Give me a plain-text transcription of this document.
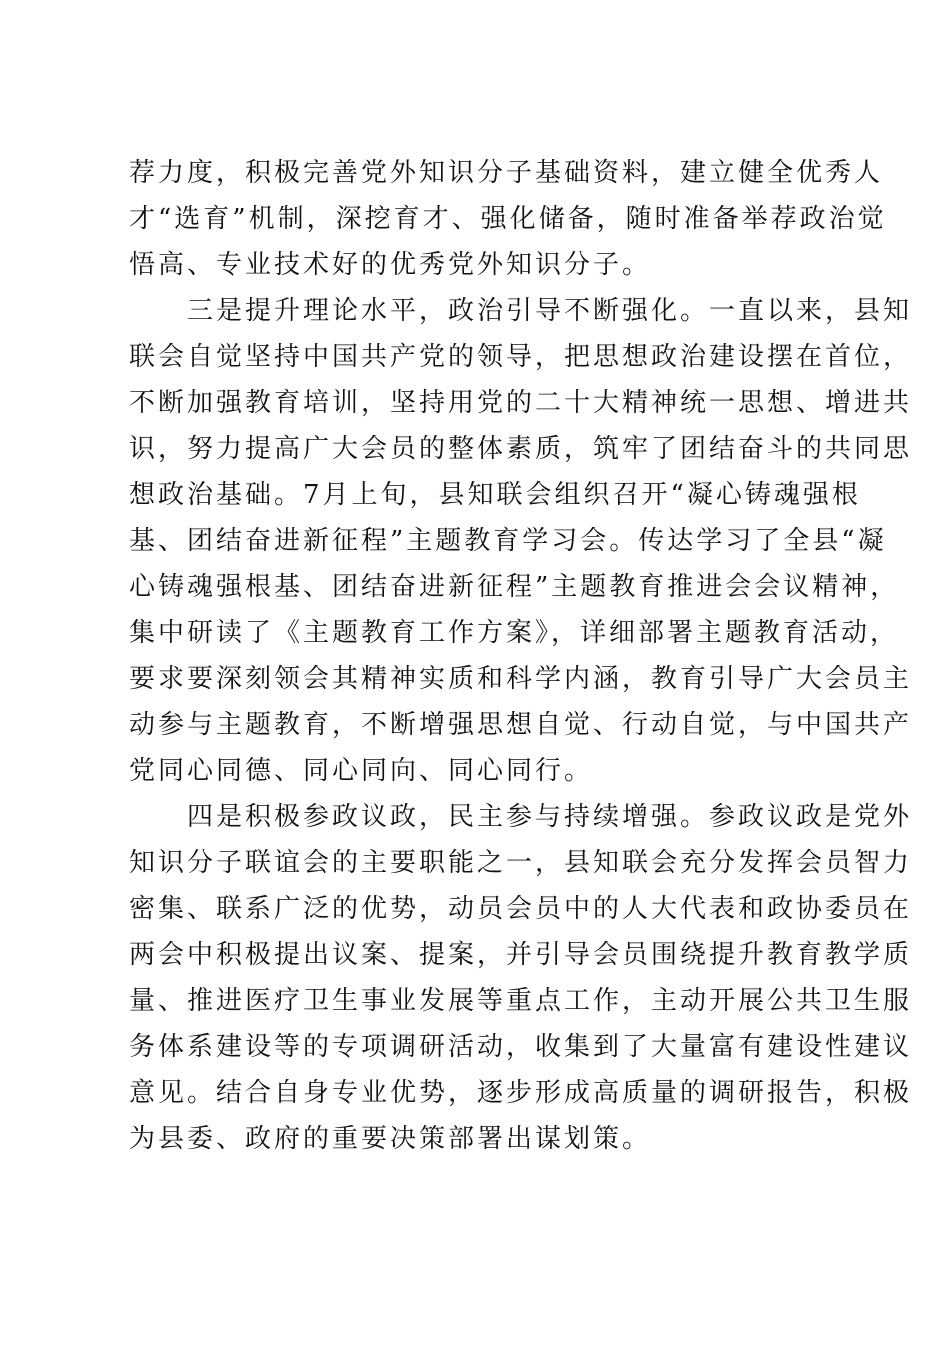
荐力度，积极完善党外知识分子基础资料，建立健全优秀人
才“选育”机制，深挖育才、强化储备，随时准备举荐政治觉
悟高、专业技术好的优秀党外知识分子。
　　三是提升理论水平，政治引导不断强化。一直以来，县知
联会自觉坚持中国共产党的领导，把思想政治建设摆在首位，
不断加强教育培训，坚持用党的二十大精神统一思想、增进共
识，努力提高广大会员的整体素质，筑牢了团结奋斗的共同思
想政治基础。7月上旬，县知联会组织召开“凝心铸魂强根
基、团结奋进新征程”主题教育学习会。传达学习了全县“凝
心铸魂强根基、团结奋进新征程”主题教育推进会会议精神，
集中研读了《主题教育工作方案》，详细部署主题教育活动，
要求要深刻领会其精神实质和科学内涵，教育引导广大会员主
动参与主题教育，不断增强思想自觉、行动自觉，与中国共产
党同心同德、同心同向、同心同行。
　　四是积极参政议政，民主参与持续增强。参政议政是党外
知识分子联谊会的主要职能之一，县知联会充分发挥会员智力
密集、联系广泛的优势，动员会员中的人大代表和政协委员在
两会中积极提出议案、提案，并引导会员围绕提升教育教学质
量、推进医疗卫生事业发展等重点工作，主动开展公共卫生服
务体系建设等的专项调研活动，收集到了大量富有建设性建议
意见。结合自身专业优势，逐步形成高质量的调研报告，积极
为县委、政府的重要决策部署出谋划策。
